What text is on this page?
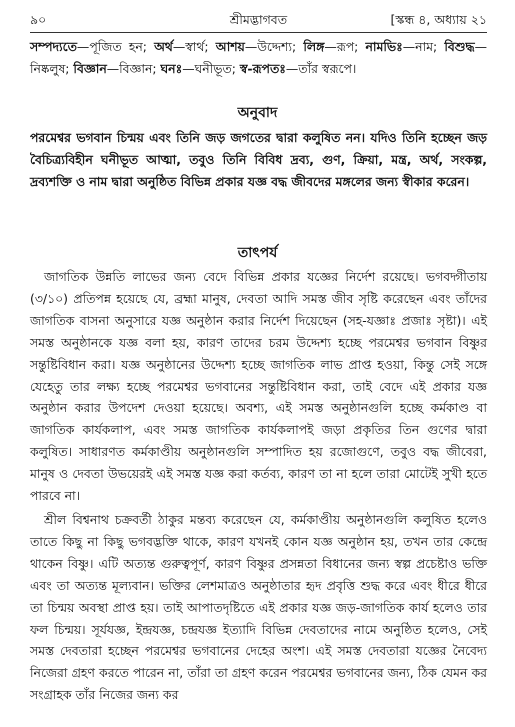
৯০	শ্রীমদ্ভাগবত	[স্কন্ধ ৪, অধ্যায় ২১
সম্পদ্যতে—পূজিত হন; অর্থ—স্বার্থ; আশয়—উদ্দেশ্য; লিঙ্গ—রূপ; নামভিঃ—নাম; বিশুদ্ধ—নিষ্কলুষ; বিজ্ঞান—বিজ্ঞান; ঘনঃ—ঘনীভূত; স্ব-রূপতঃ—তাঁর স্বরূপে।
অনুবাদ
পরমেশ্বর ভগবান চিন্ময় এবং তিনি জড় জগতের দ্বারা কলুষিত নন। যদিও তিনি হচ্ছেন জড় বৈচিত্র্যবিহীন ঘনীভূত আত্মা, তবুও তিনি বিবিধ দ্রব্য, গুণ, ক্রিয়া, মন্ত্র, অর্থ, সংকল্প, দ্রব্যশক্তি ও নাম দ্বারা অনুষ্ঠিত বিভিন্ন প্রকার যজ্ঞ বদ্ধ জীবদের মঙ্গলের জন্য স্বীকার করেন।
তাৎপর্য

জাগতিক উন্নতি লাভের জন্য বেদে বিভিন্ন প্রকার যজ্ঞের নির্দেশ রয়েছে। ভগবদ্গীতায় (৩/১০) প্রতিপন্ন হয়েছে যে, ব্রহ্মা মানুষ, দেবতা আদি সমস্ত জীব সৃষ্টি করেছেন এবং তাঁদের জাগতিক বাসনা অনুসারে যজ্ঞ অনুষ্ঠান করার নির্দেশ দিয়েছেন (সহ-যজ্ঞাঃ প্রজাঃ সৃষ্টা)। এই সমস্ত অনুষ্ঠানকে যজ্ঞ বলা হয়, কারণ তাদের চরম উদ্দেশ্য হচ্ছে পরমেশ্বর ভগবান বিষ্ণুর সন্তুষ্টিবিধান করা। যজ্ঞ অনুষ্ঠানের উদ্দেশ্য হচ্ছে জাগতিক লাভ প্রাপ্ত হওয়া, কিন্তু সেই সঙ্গে যেহেতু তার লক্ষ্য হচ্ছে পরমেশ্বর ভগবানের সন্তুষ্টিবিধান করা, তাই বেদে এই প্রকার যজ্ঞ অনুষ্ঠান করার উপদেশ দেওয়া হয়েছে। অবশ্য, এই সমস্ত অনুষ্ঠানগুলি হচ্ছে কর্মকাণ্ড বা জাগতিক কার্যকলাপ, এবং সমস্ত জাগতিক কার্যকলাপই জড়া প্রকৃতির তিন গুণের দ্বারা কলুষিত। সাধারণত কর্মকাণ্ডীয় অনুষ্ঠানগুলি সম্পাদিত হয় রজোগুণে, তবুও বদ্ধ জীবেরা, মানুষ ও দেবতা উভয়েরই এই সমস্ত যজ্ঞ করা কর্তব্য, কারণ তা না হলে তারা মোটেই সুখী হতে পারবে না।

শ্রীল বিশ্বনাথ চক্রবর্তী ঠাকুর মন্তব্য করেছেন যে, কর্মকাণ্ডীয় অনুষ্ঠানগুলি কলুষিত হলেও তাতে কিছু না কিছু ভগবদ্ভক্তি থাকে, কারণ যখনই কোন যজ্ঞ অনুষ্ঠান হয়, তখন তার কেন্দ্রে থাকেন বিষ্ণু। এটি অত্যন্ত গুরুত্বপূর্ণ, কারণ বিষ্ণুর প্রসন্নতা বিধানের জন্য স্বল্প প্রচেষ্টাও ভক্তি এবং তা অত্যন্ত মূল্যবান। ভক্তির লেশমাত্রও অনুষ্ঠাতার হৃদ প্রবৃত্তি শুদ্ধ করে এবং ধীরে ধীরে তা চিন্ময় অবস্থা প্রাপ্ত হয়। তাই আপাতদৃষ্টিতে এই প্রকার যজ্ঞ জড়-জাগতিক কার্য হলেও তার ফল চিন্ময়। সূর্যযজ্ঞ, ইন্দ্রযজ্ঞ, চন্দ্রযজ্ঞ ইত্যাদি বিভিন্ন দেবতাদের নামে অনুষ্ঠিত হলেও, সেই সমস্ত দেবতারা হচ্ছেন পরমেশ্বর ভগবানের দেহের অংশ। এই সমস্ত দেবতারা যজ্ঞের নৈবেদ্য নিজেরা গ্রহণ করতে পারেন না, তাঁরা তা গ্রহণ করেন পরমেশ্বর ভগবানের জন্য, ঠিক যেমন কর সংগ্রাহক তাঁর নিজের জন্য কর
